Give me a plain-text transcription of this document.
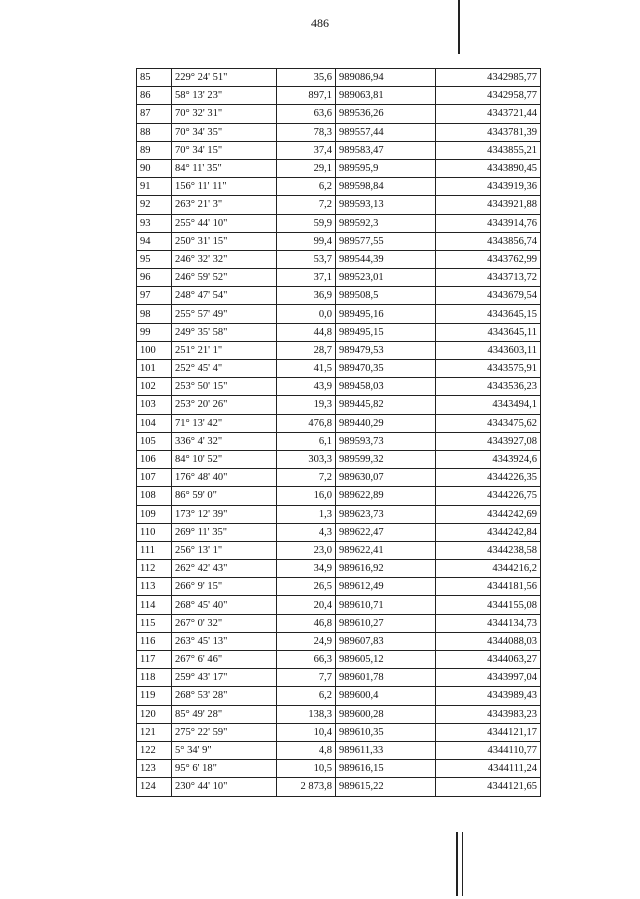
486
85	229° 24' 51"	35,6	989086,94	4342985,77
86	58° 13' 23"	897,1	989063,81	4342958,77
87	70° 32' 31"	63,6	989536,26	4343721,44
88	70° 34' 35"	78,3	989557,44	4343781,39
89	70° 34' 15"	37,4	989583,47	4343855,21
90	84° 11' 35"	29,1	989595,9	4343890,45
91	156° 11' 11"	6,2	989598,84	4343919,36
92	263° 21' 3"	7,2	989593,13	4343921,88
93	255° 44' 10"	59,9	989592,3	4343914,76
94	250° 31' 15"	99,4	989577,55	4343856,74
95	246° 32' 32"	53,7	989544,39	4343762,99
96	246° 59' 52"	37,1	989523,01	4343713,72
97	248° 47' 54"	36,9	989508,5	4343679,54
98	255° 57' 49"	0,0	989495,16	4343645,15
99	249° 35' 58"	44,8	989495,15	4343645,11
100	251° 21' 1"	28,7	989479,53	4343603,11
101	252° 45' 4"	41,5	989470,35	4343575,91
102	253° 50' 15"	43,9	989458,03	4343536,23
103	253° 20' 26"	19,3	989445,82	4343494,1
104	71° 13' 42"	476,8	989440,29	4343475,62
105	336° 4' 32"	6,1	989593,73	4343927,08
106	84° 10' 52"	303,3	989599,32	4343924,6
107	176° 48' 40"	7,2	989630,07	4344226,35
108	86° 59' 0"	16,0	989622,89	4344226,75
109	173° 12' 39"	1,3	989623,73	4344242,69
110	269° 11' 35"	4,3	989622,47	4344242,84
111	256° 13' 1"	23,0	989622,41	4344238,58
112	262° 42' 43"	34,9	989616,92	4344216,2
113	266° 9' 15"	26,5	989612,49	4344181,56
114	268° 45' 40"	20,4	989610,71	4344155,08
115	267° 0' 32"	46,8	989610,27	4344134,73
116	263° 45' 13"	24,9	989607,83	4344088,03
117	267° 6' 46"	66,3	989605,12	4344063,27
118	259° 43' 17"	7,7	989601,78	4343997,04
119	268° 53' 28"	6,2	989600,4	4343989,43
120	85° 49' 28"	138,3	989600,28	4343983,23
121	275° 22' 59"	10,4	989610,35	4344121,17
122	5° 34' 9"	4,8	989611,33	4344110,77
123	95° 6' 18"	10,5	989616,15	4344111,24
124	230° 44' 10"	2 873,8	989615,22	4344121,65
